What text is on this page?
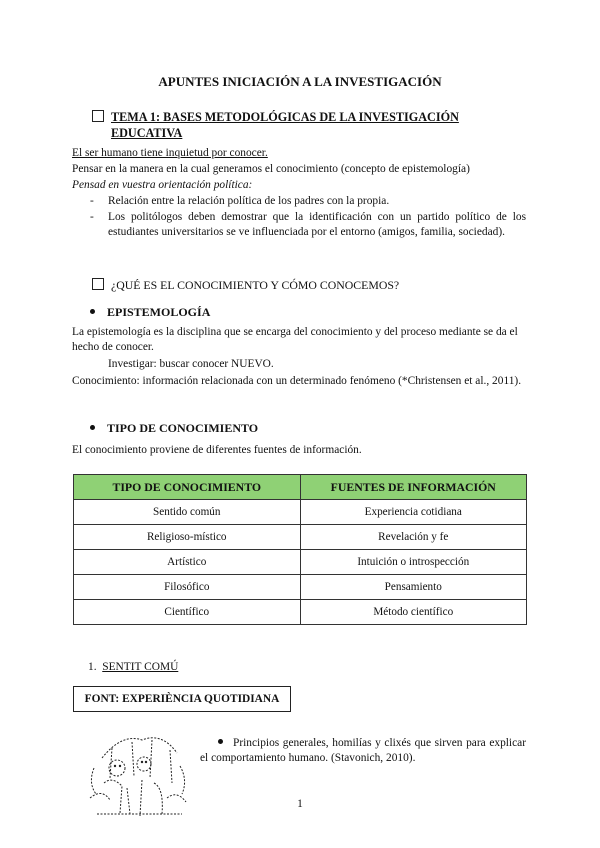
APUNTES INICIACIÓN A LA INVESTIGACIÓN
TEMA 1: BASES METODOLÓGICAS DE LA INVESTIGACIÓN EDUCATIVA
El ser humano tiene inquietud por conocer.
Pensar en la manera en la cual generamos el conocimiento (concepto de epistemología)
Pensad en vuestra orientación política:
- Relación entre la relación política de los padres con la propia.
- Los politólogos deben demostrar que la identificación con un partido político de los estudiantes universitarios se ve influenciada por el entorno (amigos, familia, sociedad).
¿QUÉ ES EL CONOCIMIENTO Y CÓMO CONOCEMOS?
EPISTEMOLOGÍA
La epistemología es la disciplina que se encarga del conocimiento y del proceso mediante se da el hecho de conocer.
Investigar: buscar conocer NUEVO.
Conocimiento: información relacionada con un determinado fenómeno (*Christensen et al., 2011).
TIPO DE CONOCIMIENTO
El conocimiento proviene de diferentes fuentes de información.
TIPO DE CONOCIMIENTO	FUENTES DE INFORMACIÓN
Sentido común	Experiencia cotidiana
Religioso-místico	Revelación y fe
Artístico	Intuición o introspección
Filosófico	Pensamiento
Científico	Método científico
1. SENTIT COMÚ
FONT: EXPERIÈNCIA QUOTIDIANA
Principios generales, homilías y clixés que sirven para explicar el comportamiento humano. (Stavonich, 2010).
1
